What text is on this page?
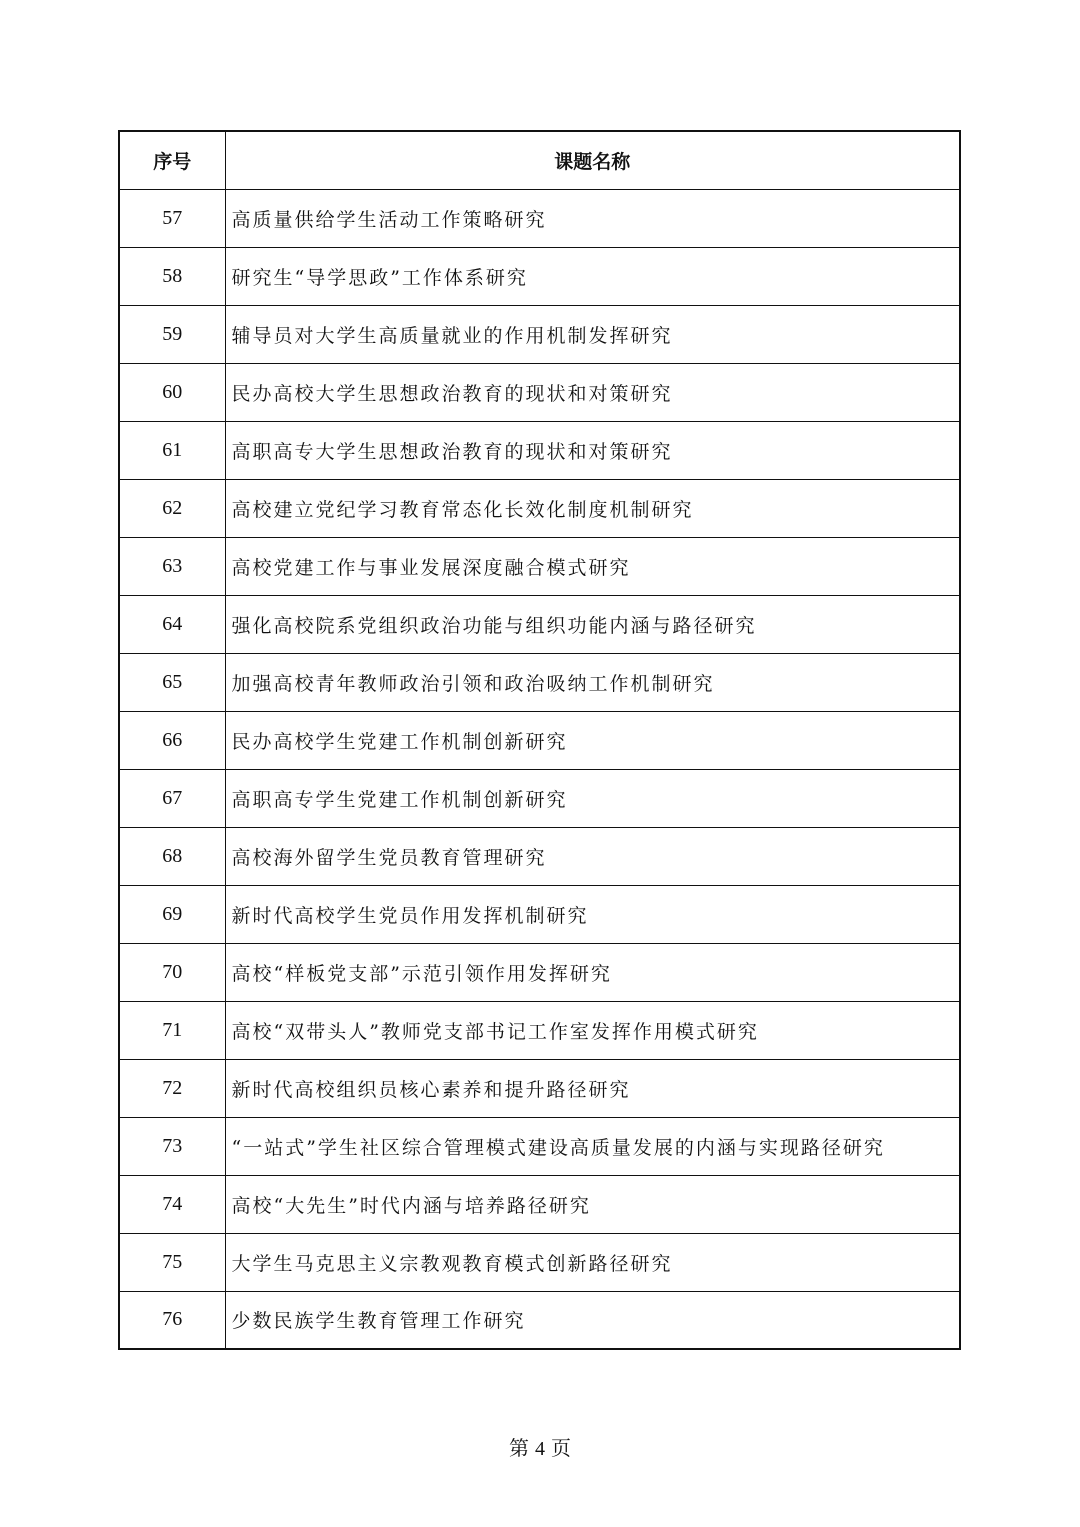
序号	课题名称
57	高质量供给学生活动工作策略研究
58	研究生“导学思政”工作体系研究
59	辅导员对大学生高质量就业的作用机制发挥研究
60	民办高校大学生思想政治教育的现状和对策研究
61	高职高专大学生思想政治教育的现状和对策研究
62	高校建立党纪学习教育常态化长效化制度机制研究
63	高校党建工作与事业发展深度融合模式研究
64	强化高校院系党组织政治功能与组织功能内涵与路径研究
65	加强高校青年教师政治引领和政治吸纳工作机制研究
66	民办高校学生党建工作机制创新研究
67	高职高专学生党建工作机制创新研究
68	高校海外留学生党员教育管理研究
69	新时代高校学生党员作用发挥机制研究
70	高校“样板党支部”示范引领作用发挥研究
71	高校“双带头人”教师党支部书记工作室发挥作用模式研究
72	新时代高校组织员核心素养和提升路径研究
73	“一站式”学生社区综合管理模式建设高质量发展的内涵与实现路径研究
74	高校“大先生”时代内涵与培养路径研究
75	大学生马克思主义宗教观教育模式创新路径研究
76	少数民族学生教育管理工作研究
第 4 页
